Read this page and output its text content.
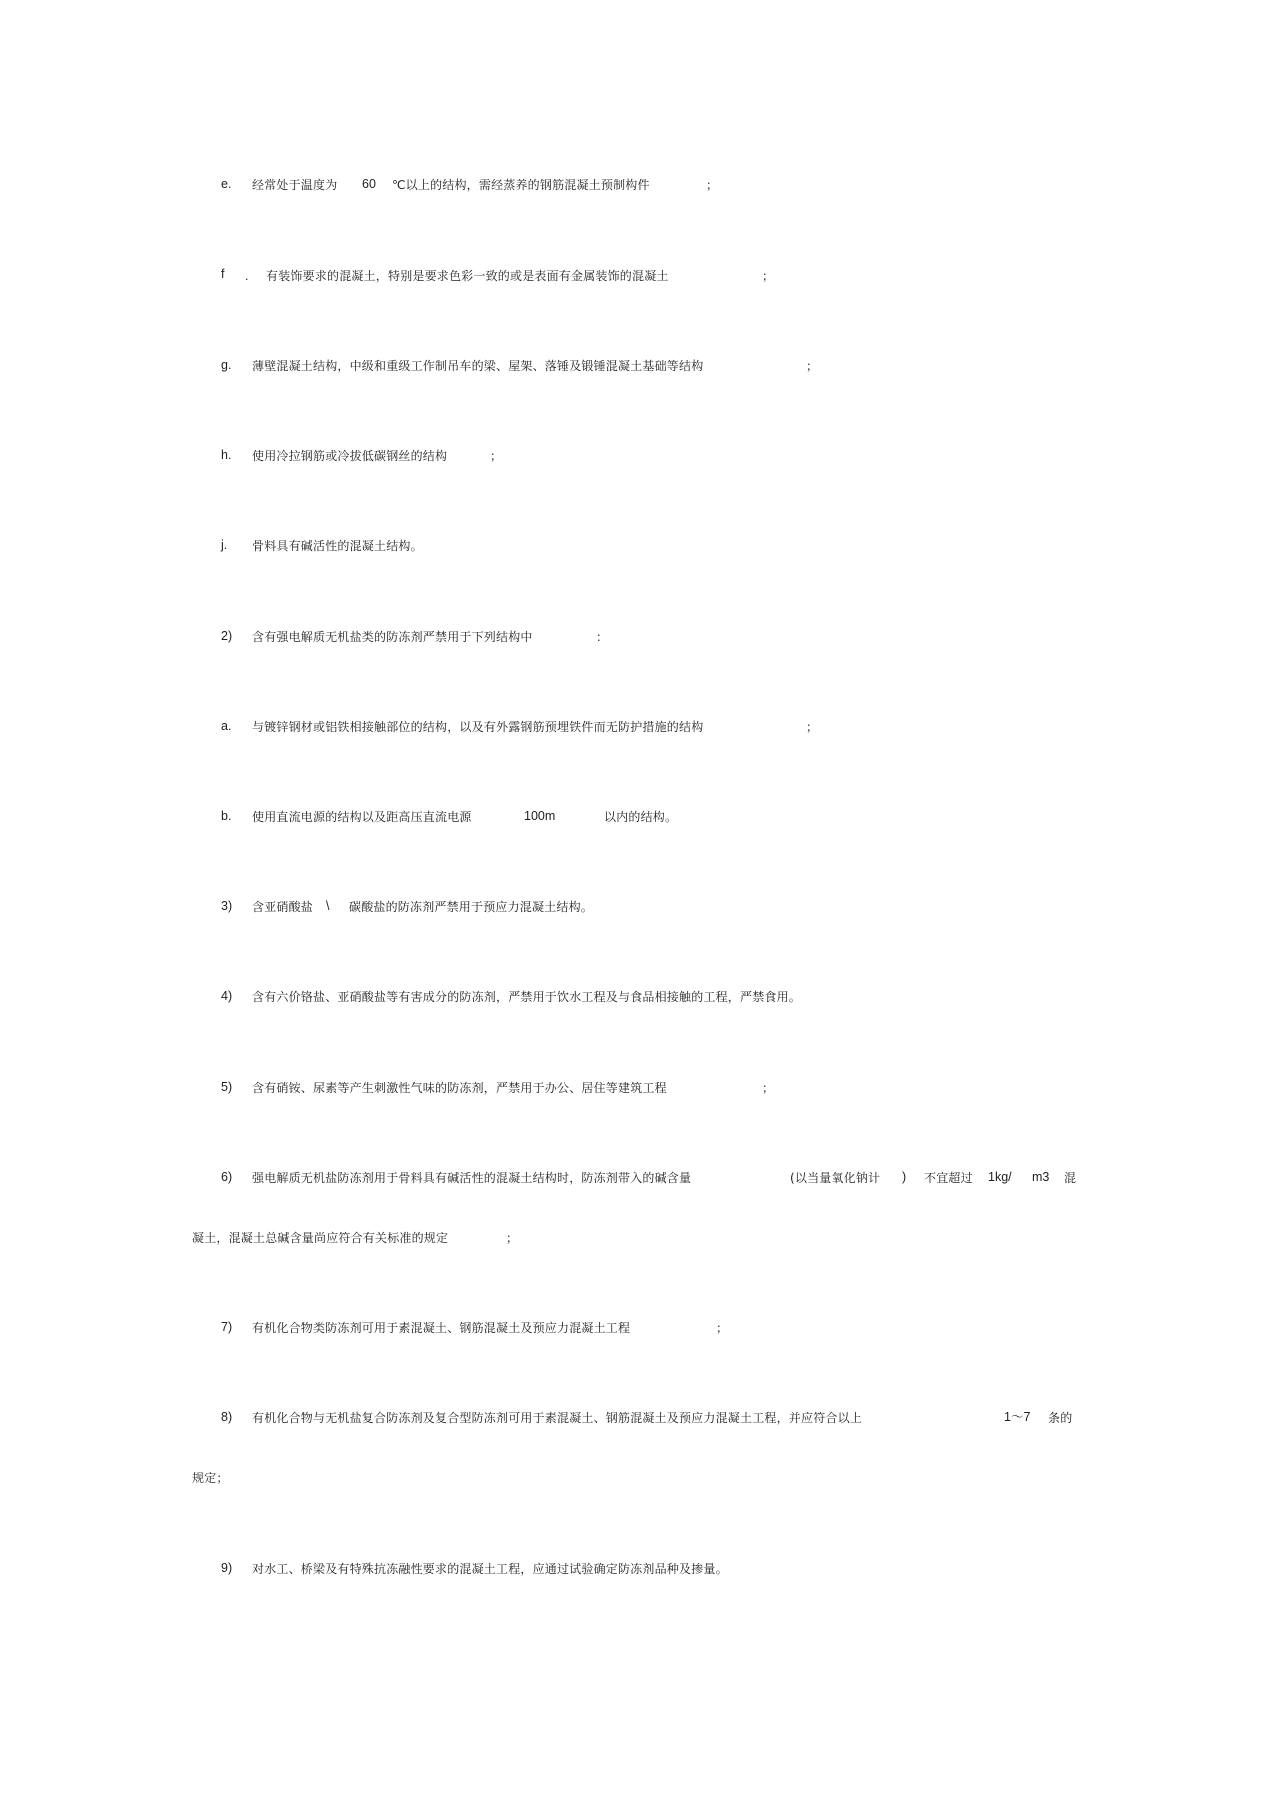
e. 经常处于温度为 60 ℃以上的结构，需经蒸养的钢筋混凝土预制构件	；
f . 有装饰要求的混凝土，特别是要求色彩一致的或是表面有金属装饰的混凝土	；
g. 薄壁混凝土结构，中级和重级工作制吊车的梁、屋架、落锤及锻锤混凝土基础等结构	；
h. 使用冷拉钢筋或冷拔低碳钢丝的结构	；
j. 骨料具有碱活性的混凝土结构。
2) 含有强电解质无机盐类的防冻剂严禁用于下列结构中	：
a. 与镀锌钢材或铝铁相接触部位的结构，以及有外露钢筋预埋铁件而无防护措施的结构	；
b. 使用直流电源的结构以及距高压直流电源	100m	以内的结构。
3) 含亚硝酸盐 \ 碳酸盐的防冻剂严禁用于预应力混凝土结构。
4) 含有六价铬盐、亚硝酸盐等有害成分的防冻剂，严禁用于饮水工程及与食品相接触的工程，严禁食用。
5) 含有硝铵、尿素等产生刺激性气味的防冻剂，严禁用于办公、居住等建筑工程	；
6) 强电解质无机盐防冻剂用于骨料具有碱活性的混凝土结构时，防冻剂带入的碱含量	(以当量氧化钠计 ) 不宜超过 1kg/ m3 混
凝土，混凝土总碱含量尚应符合有关标准的规定	；
7) 有机化合物类防冻剂可用于素混凝土、钢筋混凝土及预应力混凝土工程	；
8) 有机化合物与无机盐复合防冻剂及复合型防冻剂可用于素混凝土、钢筋混凝土及预应力混凝土工程，并应符合以上	1～7 条的
规定；
9) 对水工、桥梁及有特殊抗冻融性要求的混凝土工程，应通过试验确定防冻剂品种及掺量。
